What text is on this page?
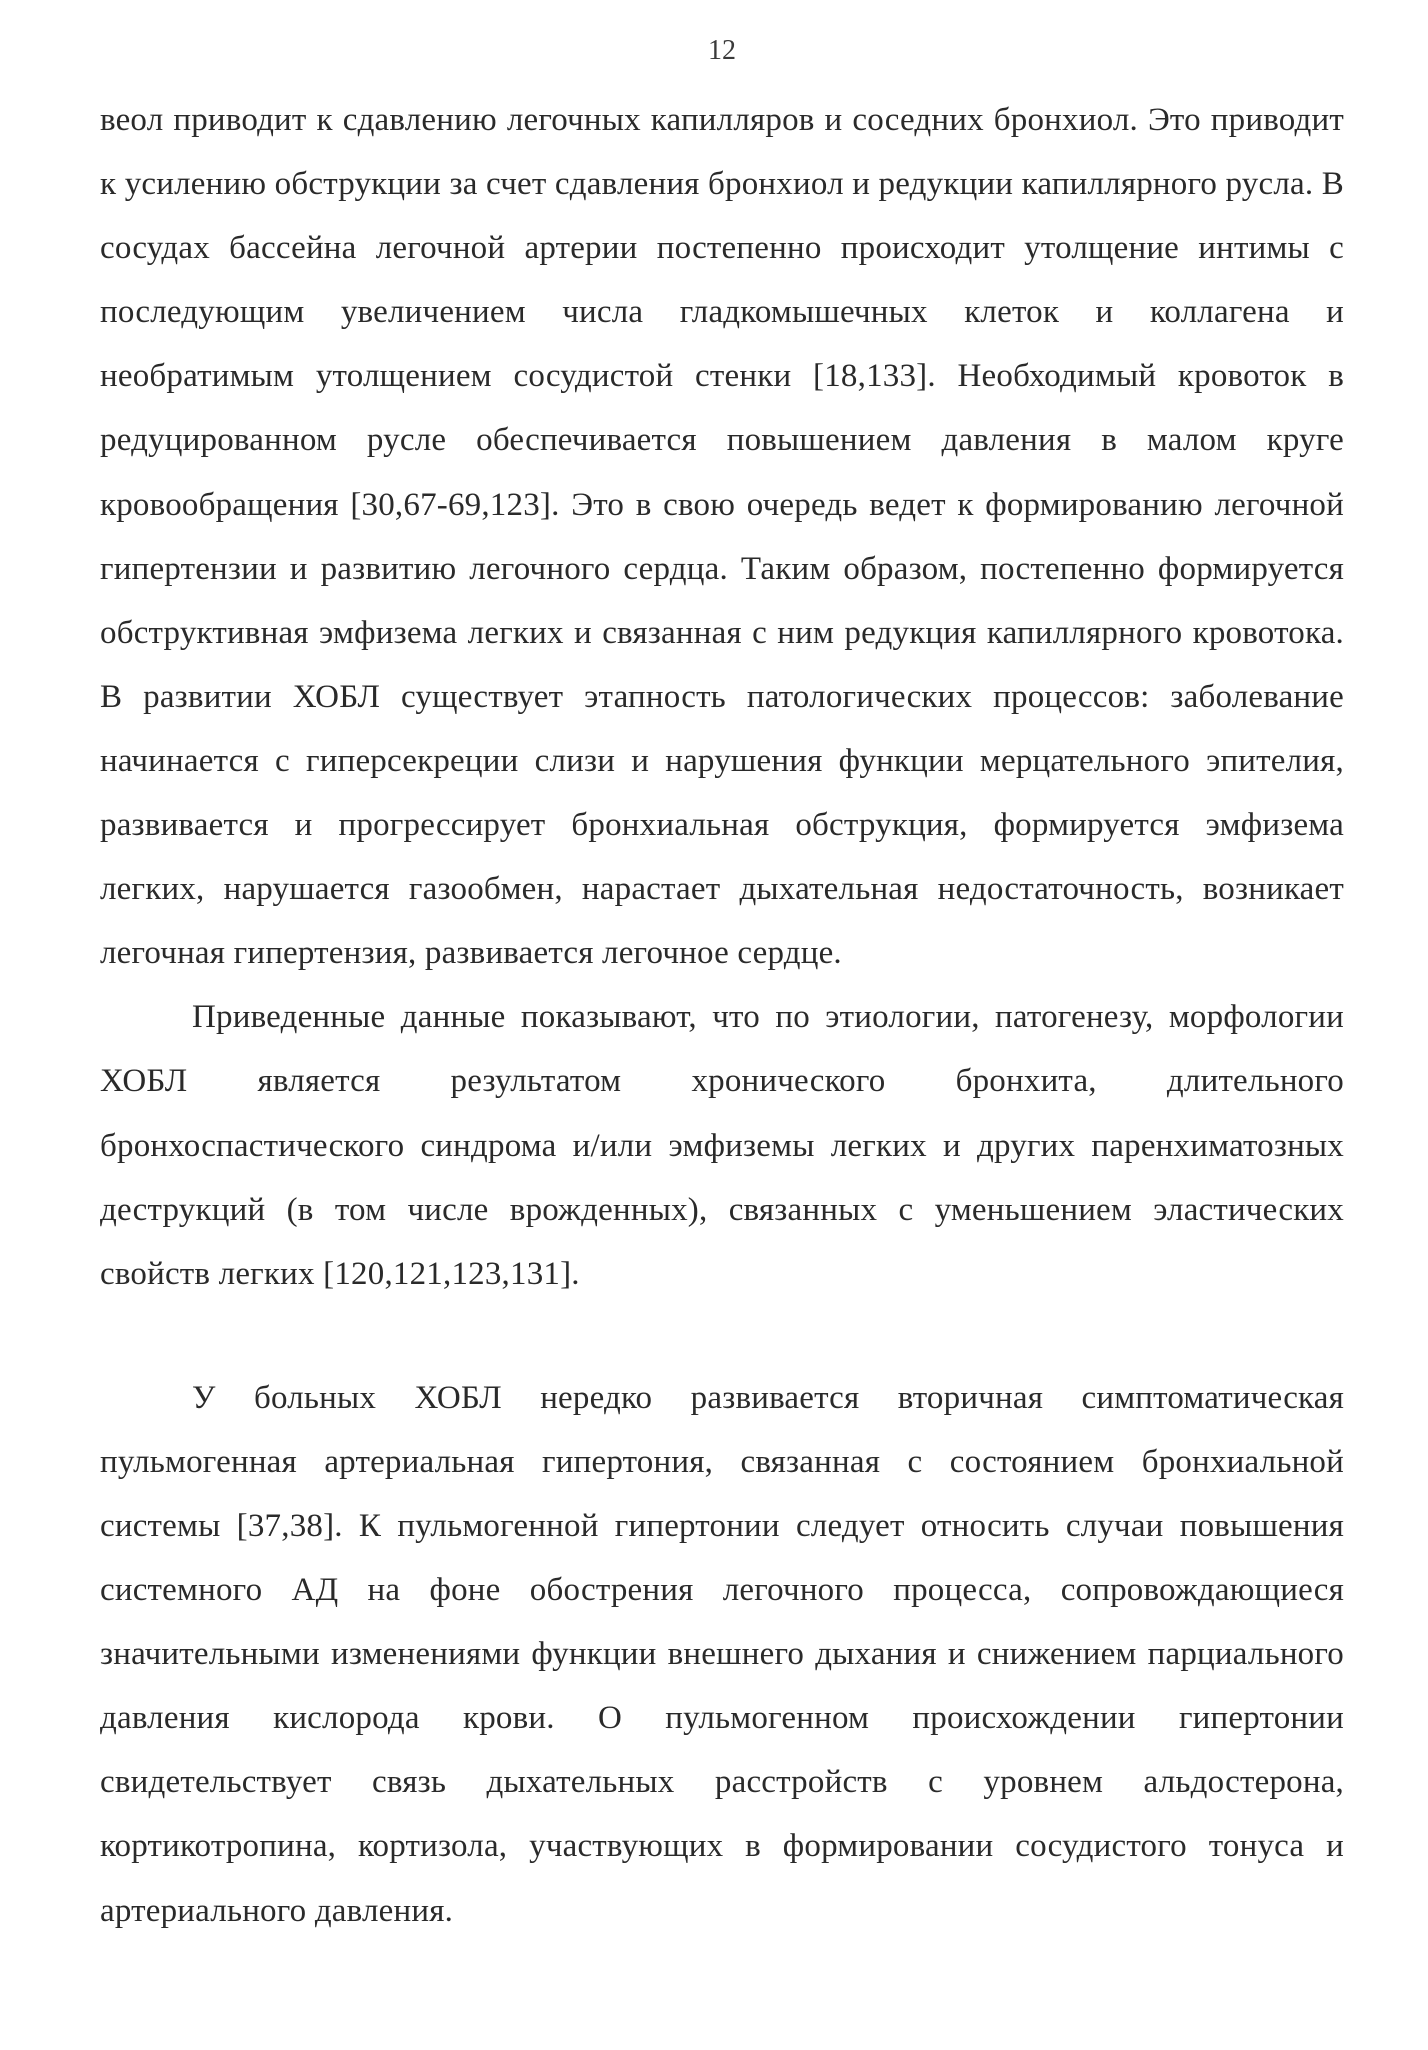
12

веол приводит к сдавлению легочных капилляров и соседних бронхиол. Это приводит к усилению обструкции за счет сдавления бронхиол и редукции капиллярного русла. В сосудах бассейна легочной артерии постепенно происходит утолщение интимы с последующим увеличением числа гладкомышечных клеток и коллагена и необратимым утолщением сосудистой стенки [18,133]. Необходимый кровоток в редуцированном русле обеспечивается повышением давления в малом круге кровообращения [30,67-69,123]. Это в свою очередь ведет к формированию легочной гипертензии и развитию легочного сердца. Таким образом, постепенно формируется обструктивная эмфизема легких и связанная с ним редукция капиллярного кровотока. В развитии ХОБЛ существует этапность патологических процессов: заболевание начинается с гиперсекреции слизи и нарушения функции мерцательного эпителия, развивается и прогрессирует бронхиальная обструкция, формируется эмфизема легких, нарушается газообмен, нарастает дыхательная недостаточность, возникает легочная гипертензия, развивается легочное сердце.

Приведенные данные показывают, что по этиологии, патогенезу, морфологии ХОБЛ является результатом хронического бронхита, длительного бронхоспастического синдрома и/или эмфиземы легких и других паренхиматозных деструкций (в том числе врожденных), связанных с уменьшением эластических свойств легких [120,121,123,131].

У больных ХОБЛ нередко развивается вторичная симптоматическая пульмогенная артериальная гипертония, связанная с состоянием бронхиальной системы [37,38]. К пульмогенной гипертонии следует относить случаи повышения системного АД на фоне обострения легочного процесса, сопровождающиеся значительными изменениями функции внешнего дыхания и снижением парциального давления кислорода крови. О пульмогенном происхождении гипертонии свидетельствует связь дыхательных расстройств с уровнем альдостерона, кортикотропина, кортизола, участвующих в формировании сосудистого тонуса и артериального давления.
